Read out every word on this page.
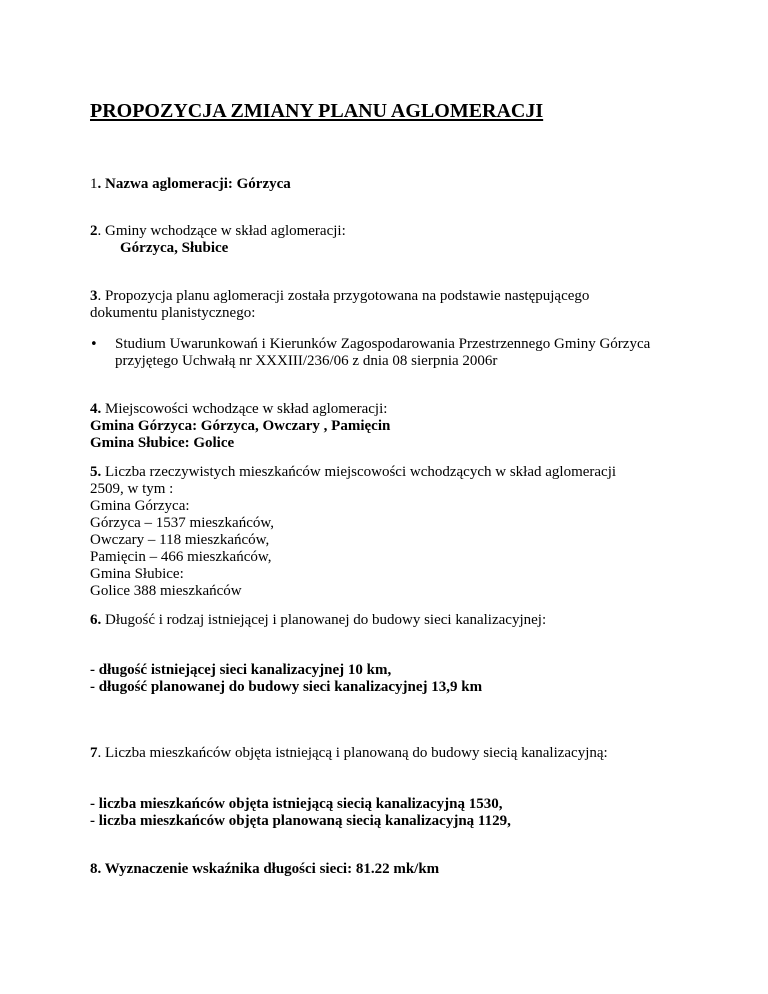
PROPOZYCJA ZMIANY PLANU AGLOMERACJI
1. Nazwa aglomeracji: Górzyca
2. Gminy wchodzące w skład aglomeracji:
Górzyca, Słubice
3. Propozycja planu aglomeracji została przygotowana na podstawie następującego
dokumentu planistycznego:
• Studium Uwarunkowań i Kierunków Zagospodarowania Przestrzennego Gminy Górzyca
przyjętego Uchwałą nr XXXIII/236/06 z dnia 08 sierpnia 2006r
4. Miejscowości wchodzące w skład aglomeracji:
Gmina Górzyca: Górzyca, Owczary , Pamięcin
Gmina Słubice: Golice
5. Liczba rzeczywistych mieszkańców miejscowości wchodzących w skład aglomeracji
2509, w tym :
Gmina Górzyca:
Górzyca – 1537 mieszkańców,
Owczary – 118 mieszkańców,
Pamięcin – 466 mieszkańców,
Gmina Słubice:
Golice 388 mieszkańców
6. Długość i rodzaj istniejącej i planowanej do budowy sieci kanalizacyjnej:
- długość istniejącej sieci kanalizacyjnej 10 km,
- długość planowanej do budowy sieci kanalizacyjnej 13,9 km
7. Liczba mieszkańców objęta istniejącą i planowaną do budowy siecią kanalizacyjną:
- liczba mieszkańców objęta istniejącą siecią kanalizacyjną 1530,
- liczba mieszkańców objęta planowaną siecią kanalizacyjną 1129,
8. Wyznaczenie wskaźnika długości sieci: 81.22 mk/km
